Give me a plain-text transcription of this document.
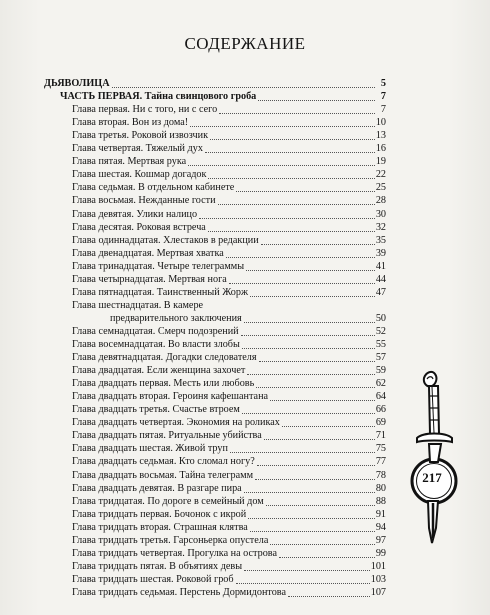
СОДЕРЖАНИЕ
ДЬЯВОЛИЦА	5
ЧАСТЬ ПЕРВАЯ. Тайна свинцового гроба	7
Глава первая. Ни с того, ни с сего	7
Глава вторая. Вон из дома!	10
Глава третья. Роковой извозчик	13
Глава четвертая. Тяжелый дух	16
Глава пятая. Мертвая рука	19
Глава шестая. Кошмар догадок	22
Глава седьмая. В отдельном кабинете	25
Глава восьмая. Нежданные гости	28
Глава девятая. Улики налицо	30
Глава десятая. Роковая встреча	32
Глава одиннадцатая. Хлестаков в редакции	35
Глава двенадцатая. Мертвая хватка	39
Глава тринадцатая. Четыре телеграммы	41
Глава четырнадцатая. Мертвая нога	44
Глава пятнадцатая. Таинственный Жорж	47
Глава шестнадцатая. В камере
предварительного заключения	50
Глава семнадцатая. Смерч подозрений	52
Глава восемнадцатая. Во власти злобы	55
Глава девятнадцатая. Догадки следователя	57
Глава двадцатая. Если женщина захочет	59
Глава двадцать первая. Месть или любовь	62
Глава двадцать вторая. Героиня кафешантана	64
Глава двадцать третья. Счастье втроем	66
Глава двадцать четвертая. Экономия на роликах	69
Глава двадцать пятая. Ритуальные убийства	71
Глава двадцать шестая. Живой труп	75
Глава двадцать седьмая. Кто сломал ногу?	77
Глава двадцать восьмая. Тайна телеграмм	78
Глава двадцать девятая. В разгаре пира	80
Глава тридцатая. По дороге в семейный дом	88
Глава тридцать первая. Бочонок с икрой	91
Глава тридцать вторая. Страшная клятва	94
Глава тридцать третья. Гарсоньерка опустела	97
Глава тридцать четвертая. Прогулка на острова	99
Глава тридцать пятая. В объятиях девы	101
Глава тридцать шестая. Роковой гроб	103
Глава тридцать седьмая. Перстень Дормидонтова	107
217
